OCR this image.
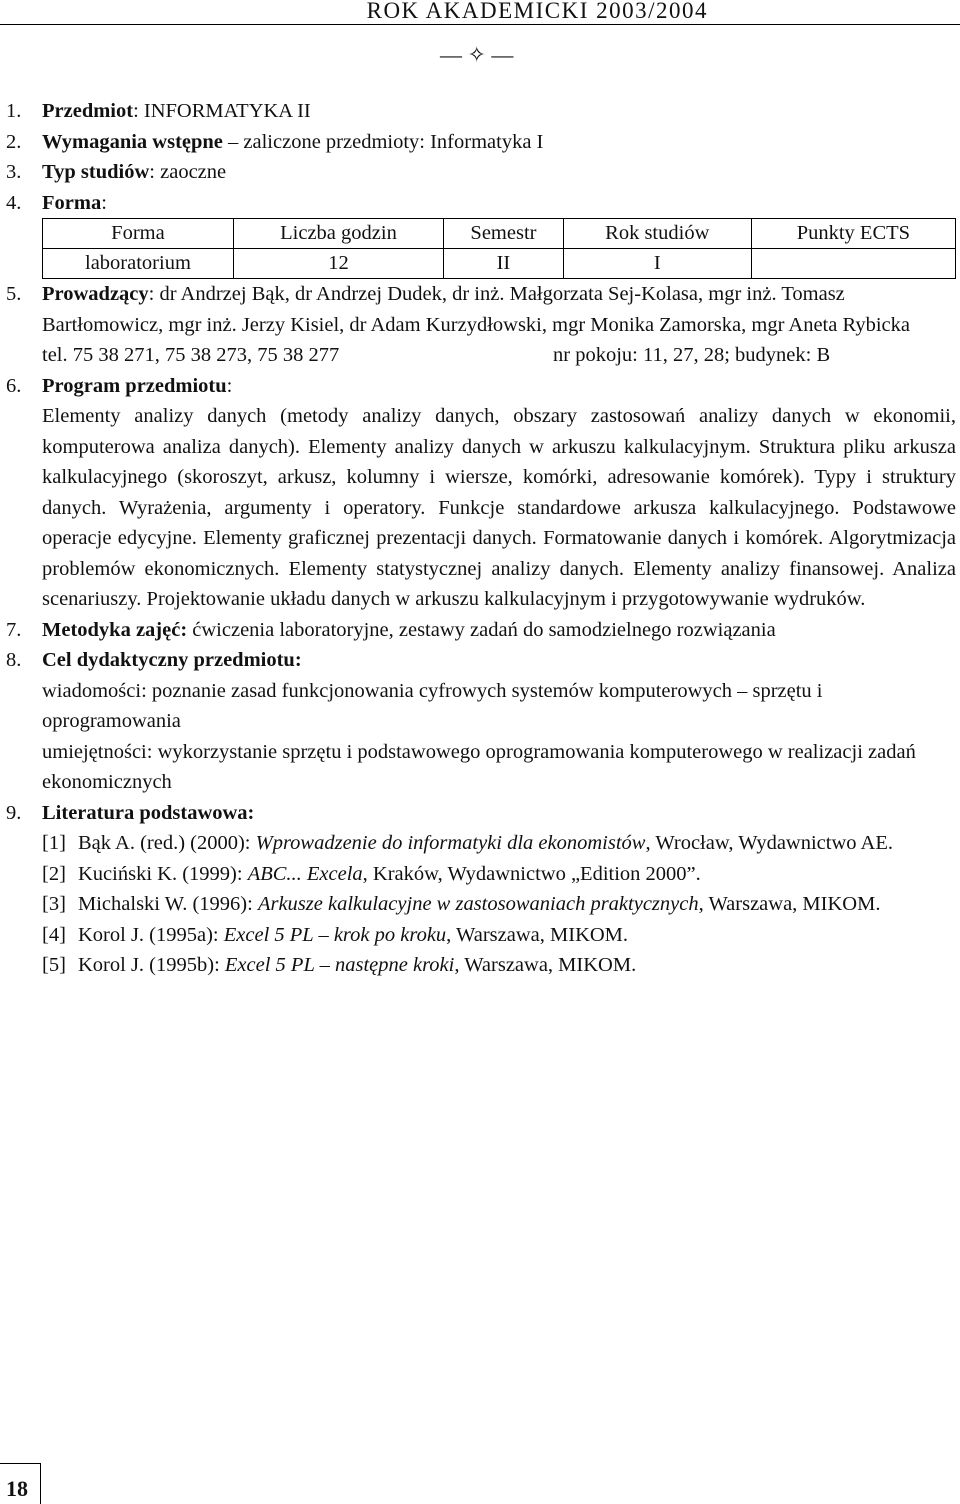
ROK AKADEMICKI 2003/2004
— ✧ —
1. Przedmiot: INFORMATYKA II
2. Wymagania wstępne – zaliczone przedmioty: Informatyka I
3. Typ studiów: zaoczne
4. Forma:
Forma	Liczba godzin	Semestr	Rok studiów	Punkty ECTS
laboratorium	12	II	I	
5. Prowadzący: dr Andrzej Bąk, dr Andrzej Dudek, dr inż. Małgorzata Sej-Kolasa, mgr inż. Tomasz Bartłomowicz, mgr inż. Jerzy Kisiel, dr Adam Kurzydłowski, mgr Monika Zamorska, mgr Aneta Rybicka
tel. 75 38 271, 75 38 273, 75 38 277	nr pokoju: 11, 27, 28; budynek: B
6. Program przedmiotu:
Elementy analizy danych (metody analizy danych, obszary zastosowań analizy danych w ekonomii, komputerowa analiza danych). Elementy analizy danych w arkuszu kalkulacyjnym. Struktura pliku arkusza kalkulacyjnego (skoroszyt, arkusz, kolumny i wiersze, komórki, adresowanie komórek). Typy i struktury danych. Wyrażenia, argumenty i operatory. Funkcje standardowe arkusza kalkulacyjnego. Podstawowe operacje edycyjne. Elementy graficznej prezentacji danych. Formatowanie danych i komórek. Algorytmizacja problemów ekonomicznych. Elementy statystycznej analizy danych. Elementy analizy finansowej. Analiza scenariuszy. Projektowanie układu danych w arkuszu kalkulacyjnym i przygotowywanie wydruków.
7. Metodyka zajęć: ćwiczenia laboratoryjne, zestawy zadań do samodzielnego rozwiązania
8. Cel dydaktyczny przedmiotu:
wiadomości: poznanie zasad funkcjonowania cyfrowych systemów komputerowych – sprzętu i oprogramowania
umiejętności: wykorzystanie sprzętu i podstawowego oprogramowania komputerowego w realizacji zadań ekonomicznych
9. Literatura podstawowa:
[1] Bąk A. (red.) (2000): Wprowadzenie do informatyki dla ekonomistów, Wrocław, Wydawnictwo AE.
[2] Kuciński K. (1999): ABC... Excela, Kraków, Wydawnictwo „Edition 2000”.
[3] Michalski W. (1996): Arkusze kalkulacyjne w zastosowaniach praktycznych, Warszawa, MIKOM.
[4] Korol J. (1995a): Excel 5 PL – krok po kroku, Warszawa, MIKOM.
[5] Korol J. (1995b): Excel 5 PL – następne kroki, Warszawa, MIKOM.
18
